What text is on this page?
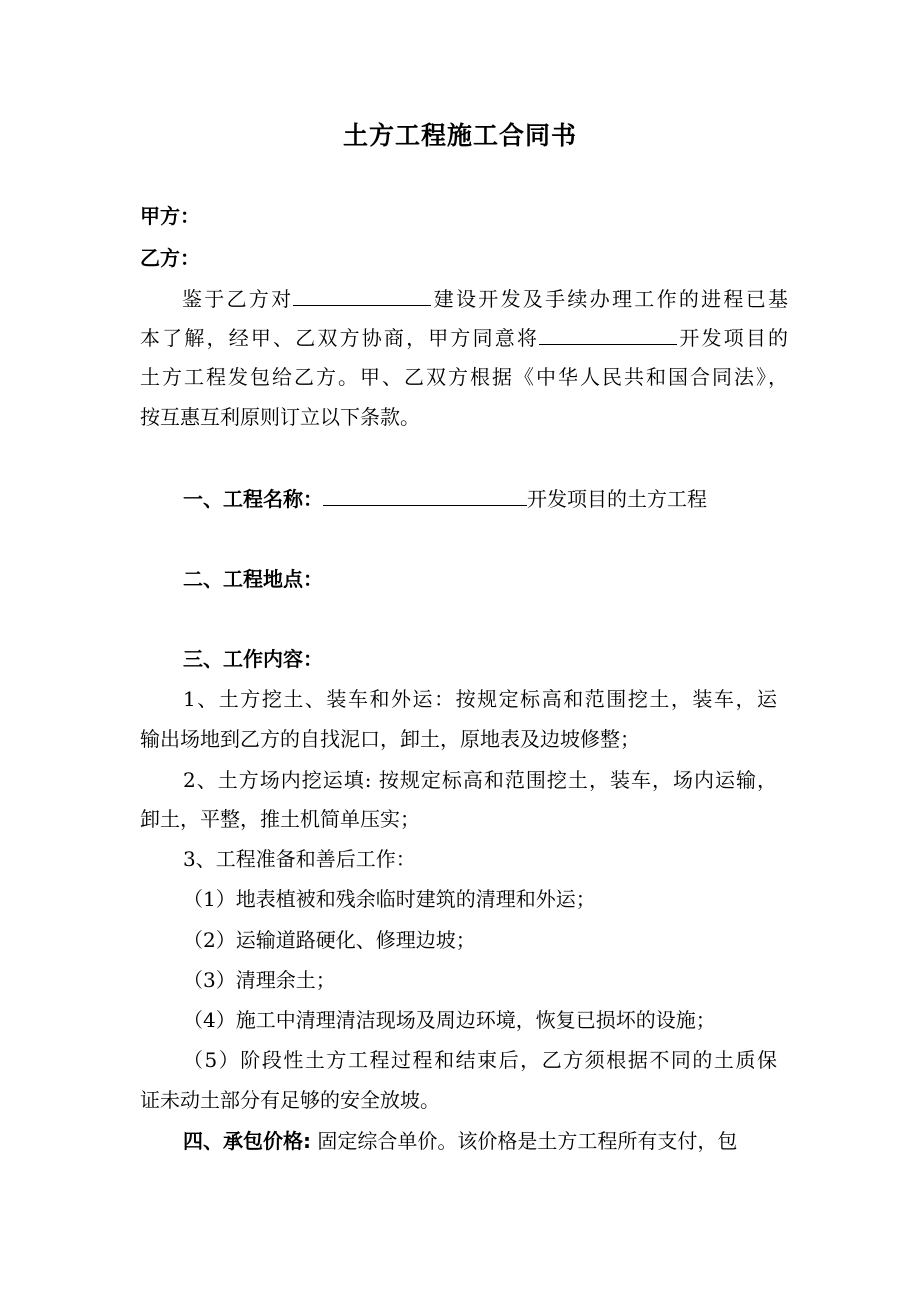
土方工程施工合同书
甲方：
乙方：
鉴于乙方对	建设开发及手续办理工作的进程已基
本了解，经甲、乙双方协商，甲方同意将	开发项目的
土方工程发包给乙方。甲、乙双方根据《中华人民共和国合同法》，
按互惠互利原则订立以下条款。
一、工程名称：	开发项目的土方工程
二、工程地点：
三、工作内容：
1、土方挖土、装车和外运：按规定标高和范围挖土，装车，运
输出场地到乙方的自找泥口，卸土，原地表及边坡修整；
2、土方场内挖运填: 按规定标高和范围挖土，装车，场内运输，
卸土，平整，推土机简单压实；
3、工程准备和善后工作：
（1）地表植被和残余临时建筑的清理和外运；
（2）运输道路硬化、修理边坡；
（3）清理余土；
（4）施工中清理清洁现场及周边环境，恢复已损坏的设施；
（5）阶段性土方工程过程和结束后，乙方须根据不同的土质保
证未动土部分有足够的安全放坡。
四、承包价格: 固定综合单价。该价格是土方工程所有支付，包
